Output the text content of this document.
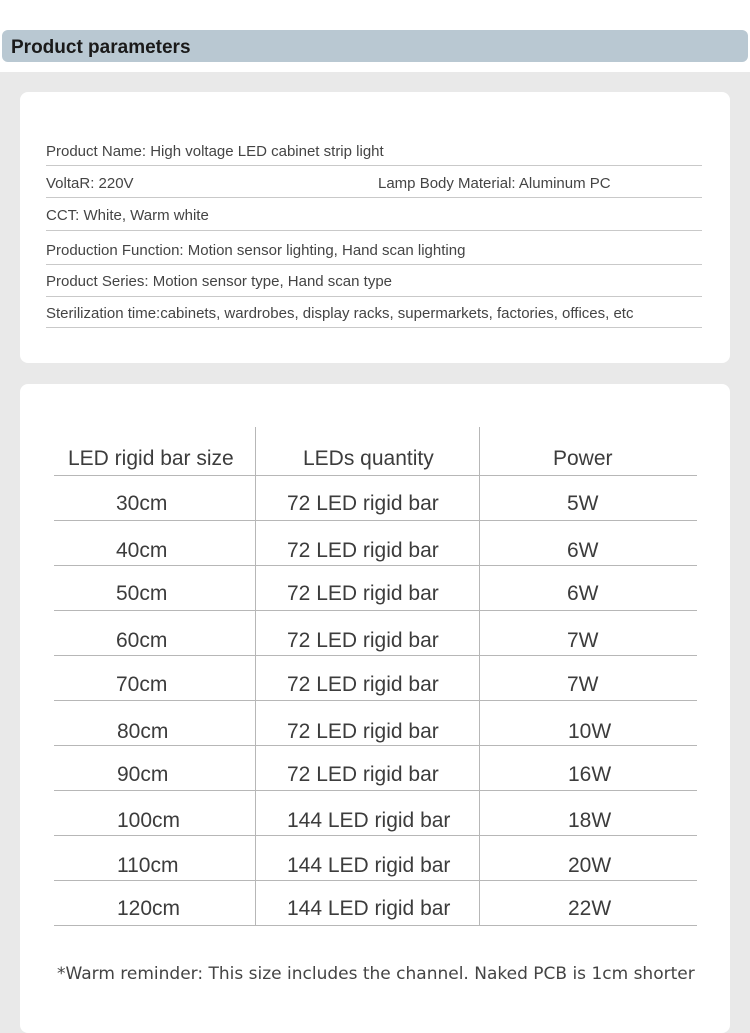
Product parameters
Product Name: High voltage LED cabinet strip light
VoltaR: 220V	Lamp Body Material: Aluminum PC
CCT: White, Warm white
Production Function: Motion sensor lighting, Hand scan lighting
Product Series: Motion sensor type, Hand scan type
Sterilization time:cabinets, wardrobes, display racks, supermarkets, factories, offices, etc
LED rigid bar size	LEDs quantity	Power
30cm	72 LED rigid bar	5W
40cm	72 LED rigid bar	6W
50cm	72 LED rigid bar	6W
60cm	72 LED rigid bar	7W
70cm	72 LED rigid bar	7W
80cm	72 LED rigid bar	10W
90cm	72 LED rigid bar	16W
100cm	144 LED rigid bar	18W
110cm	144 LED rigid bar	20W
120cm	144 LED rigid bar	22W
*Warm reminder: This size includes the channel. Naked PCB is 1cm shorter
